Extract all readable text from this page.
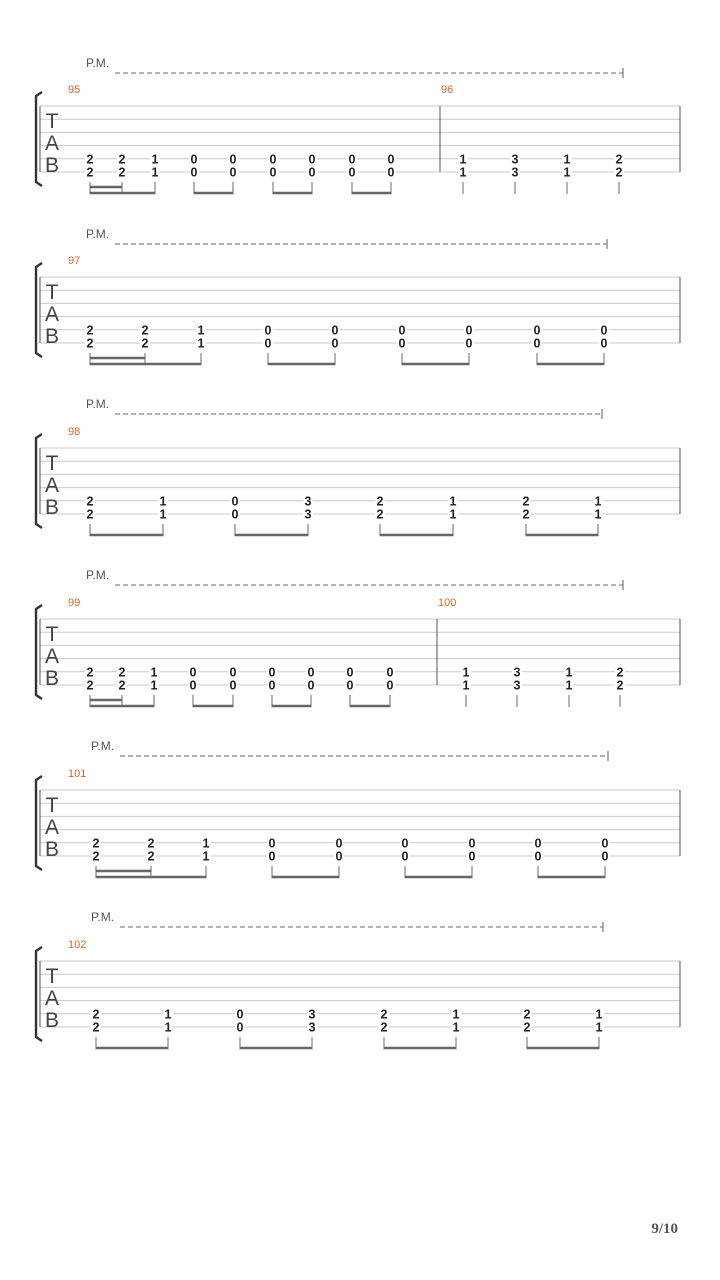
P.M.
T
A
B
95
2
2
2
2
1
1
0
0
0
0
0
0
0
0
0
0
0
0
96
1
1
3
3
1
1
2
2
P.M.
T
A
B
97
2
2
2
2
1
1
0
0
0
0
0
0
0
0
0
0
0
0
P.M.
T
A
B
98
2
2
1
1
0
0
3
3
2
2
1
1
2
2
1
1
P.M.
T
A
B
99
2
2
2
2
1
1
0
0
0
0
0
0
0
0
0
0
0
0
100
1
1
3
3
1
1
2
2
P.M.
T
A
B
101
2
2
2
2
1
1
0
0
0
0
0
0
0
0
0
0
0
0
P.M.
T
A
B
102
2
2
1
1
0
0
3
3
2
2
1
1
2
2
1
1
9/10
